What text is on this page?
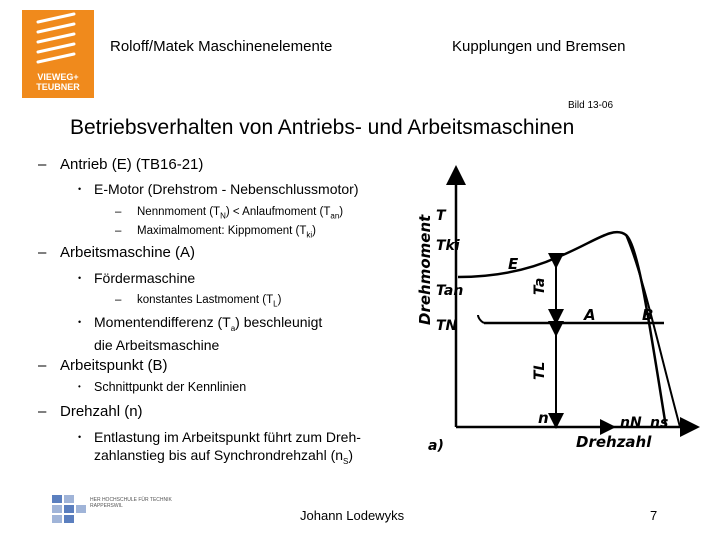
VIEWEG+ TEUBNER
Roloff/Matek Maschinenelemente	Kupplungen und Bremsen
Bild 13-06
Betriebsverhalten von Antriebs- und Arbeitsmaschinen
– Antrieb (E) (TB16-21)
• E-Motor (Drehstrom - Nebenschlussmotor)
– Nennmoment $(T_N)$ < Anlaufmoment $(T_{an})$
– Maximalmoment: Kippmoment $(T_{ki})$
– Arbeitsmaschine (A)
• Fördermaschine
– konstantes Lastmoment $(T_L)$
• Momentendifferenz $(T_a)$ beschleunigt
die Arbeitsmaschine
– Arbeitspunkt (B)
• Schnittpunkt der Kennlinien
– Drehzahl (n)
• Entlastung im Arbeitspunkt führt zum Dreh-
zahlanstieg bis auf Synchrondrehzahl $(n_S)$
Drehmoment
Drehzahl
a)
T
Tki
Tan
TN
Ta
TL
E
A	B
n	nN ns
HER HOCHSCHULE FÜR TECHNIK RAPPERSWIL
Johann Lodewyks	7
